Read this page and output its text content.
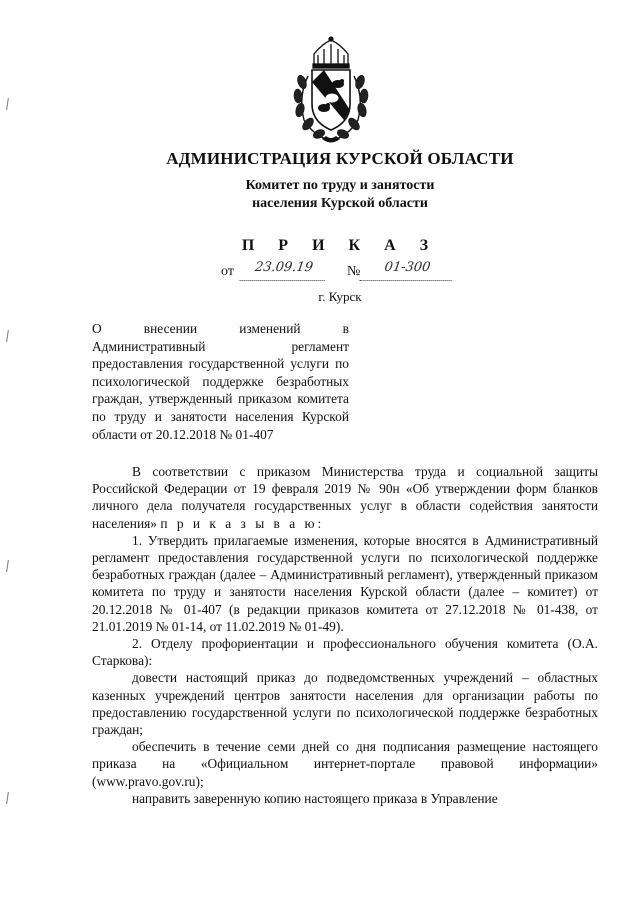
АДМИНИСТРАЦИЯ КУРСКОЙ ОБЛАСТИ
Комитет по труду и занятости
населения Курской области
П Р И К А З
от	23.09.19	№	01-300
г. Курск
О внесении изменений в Административный регламент предоставления государственной услуги по психологической поддержке безработных граждан, утвержденный приказом комитета по труду и занятости населения Курской области от 20.12.2018 № 01-407

В соответствии с приказом Министерства труда и социальной защиты Российской Федерации от 19 февраля 2019 № 90н «Об утверждении форм бланков личного дела получателя государственных услуг в области содействия занятости населения» п р и к а з ы в а ю:

1. Утвердить прилагаемые изменения, которые вносятся в Административный регламент предоставления государственной услуги по психологической поддержке безработных граждан (далее – Административный регламент), утвержденный приказом комитета по труду и занятости населения Курской области (далее – комитет) от 20.12.2018 № 01-407 (в редакции приказов комитета от 27.12.2018 № 01-438, от 21.01.2019 № 01-14, от 11.02.2019 № 01-49).

2. Отделу профориентации и профессионального обучения комитета (О.А. Старкова):

довести настоящий приказ до подведомственных учреждений – областных казенных учреждений центров занятости населения для организации работы по предоставлению государственной услуги по психологической поддержке безработных граждан;

обеспечить в течение семи дней со дня подписания размещение настоящего приказа на «Официальном интернет-портале правовой информации» (www.pravo.gov.ru);

направить заверенную копию настоящего приказа в Управление
